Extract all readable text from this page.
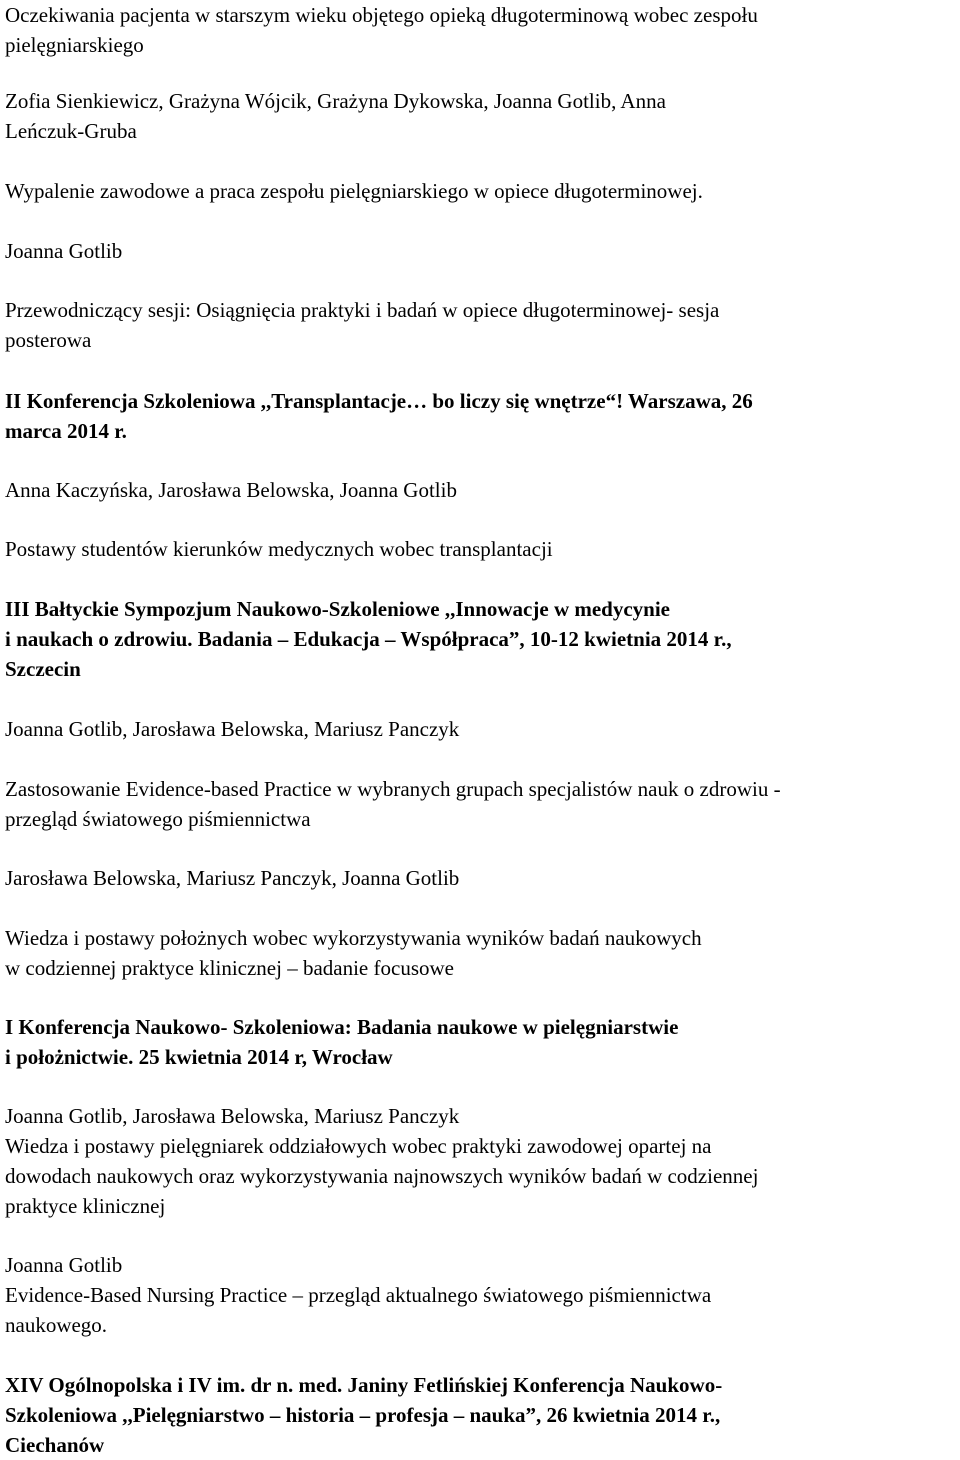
Oczekiwania pacjenta w starszym wieku objętego opieką długoterminową wobec zespołu
pielęgniarskiego

Zofia Sienkiewicz, Grażyna Wójcik, Grażyna Dykowska, Joanna Gotlib, Anna
Leńczuk-Gruba

Wypalenie zawodowe a praca zespołu pielęgniarskiego w opiece długoterminowej.

Joanna Gotlib

Przewodniczący sesji: Osiągnięcia praktyki i badań w opiece długoterminowej- sesja
posterowa

II Konferencja Szkoleniowa ,,Transplantacje… bo liczy się wnętrze“! Warszawa, 26
marca 2014 r.

Anna Kaczyńska, Jarosława Belowska, Joanna Gotlib

Postawy studentów kierunków medycznych wobec transplantacji

III Bałtyckie Sympozjum Naukowo-Szkoleniowe ,,Innowacje w medycynie
i naukach o zdrowiu. Badania – Edukacja – Współpraca”, 10-12 kwietnia 2014 r.,
Szczecin

Joanna Gotlib, Jarosława Belowska, Mariusz Panczyk

Zastosowanie Evidence-based Practice w wybranych grupach specjalistów nauk o zdrowiu -
przegląd światowego piśmiennictwa

Jarosława Belowska, Mariusz Panczyk, Joanna Gotlib

Wiedza i postawy położnych wobec wykorzystywania wyników badań naukowych
w codziennej praktyce klinicznej – badanie focusowe

I Konferencja Naukowo- Szkoleniowa: Badania naukowe w pielęgniarstwie
i położnictwie. 25 kwietnia 2014 r, Wrocław

Joanna Gotlib, Jarosława Belowska, Mariusz Panczyk

Wiedza i postawy pielęgniarek oddziałowych wobec praktyki zawodowej opartej na
dowodach naukowych oraz wykorzystywania najnowszych wyników badań w codziennej
praktyce klinicznej

Joanna Gotlib

Evidence-Based Nursing Practice – przegląd aktualnego światowego piśmiennictwa
naukowego.

XIV Ogólnopolska i IV im. dr n. med. Janiny Fetlińskiej Konferencja Naukowo-
Szkoleniowa ,,Pielęgniarstwo – historia – profesja – nauka”, 26 kwietnia 2014 r.,
Ciechanów
